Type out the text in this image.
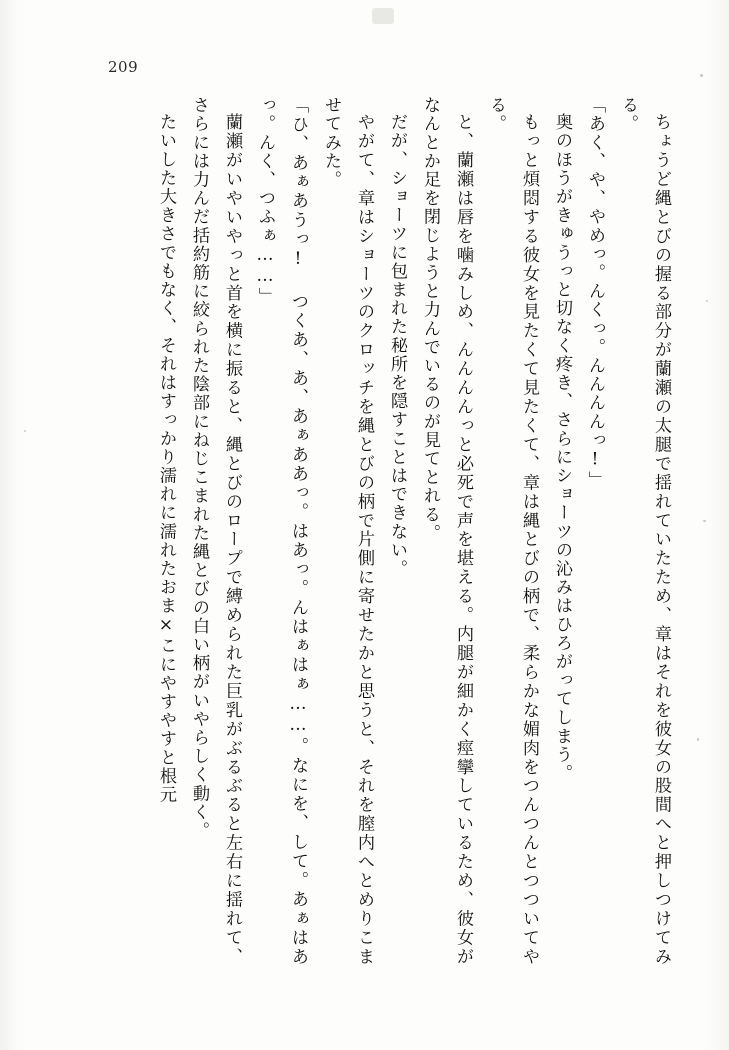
209

ちょうど縄とびの握る部分が蘭瀬の太腿で揺れていたため、章はそれを彼女の股間へと押しつけてみる。

「あく、や、やめっ。んくっ。んんんんっ!」

奥のほうがきゅうっと切なく疼き、さらにショーツの沁みはひろがってしまう。

もっと煩悶する彼女を見たくて見たくて、章は縄とびの柄で、柔らかな媚肉をつんつんとつついてやる。

と、蘭瀬は唇を噛みしめ、んんんんっと必死で声を堪える。内腿が細かく痙攣しているため、彼女がなんとか足を閉じようと力んでいるのが見てとれる。

だが、ショーツに包まれた秘所を隠すことはできない。

やがて、章はショーツのクロッチを縄とびの柄で片側に寄せたかと思うと、それを膣内へとめりこませてみた。

「ひ、あぁあうっ! つくあ、あ、あぁああっ。はあっ。んはぁはぁ……。なにを、して。あぁはあっ。んく、つふぁ……」

蘭瀬がいやいやっと首を横に振ると、縄とびのロープで縛められた巨乳がぶるぶると左右に揺れて、さらには力んだ括約筋に絞られた陰部にねじこまれた縄とびの白い柄がいやらしく動く。

たいした大きさでもなく、それはすっかり濡れに濡れたおま×こにやすやすと根元
